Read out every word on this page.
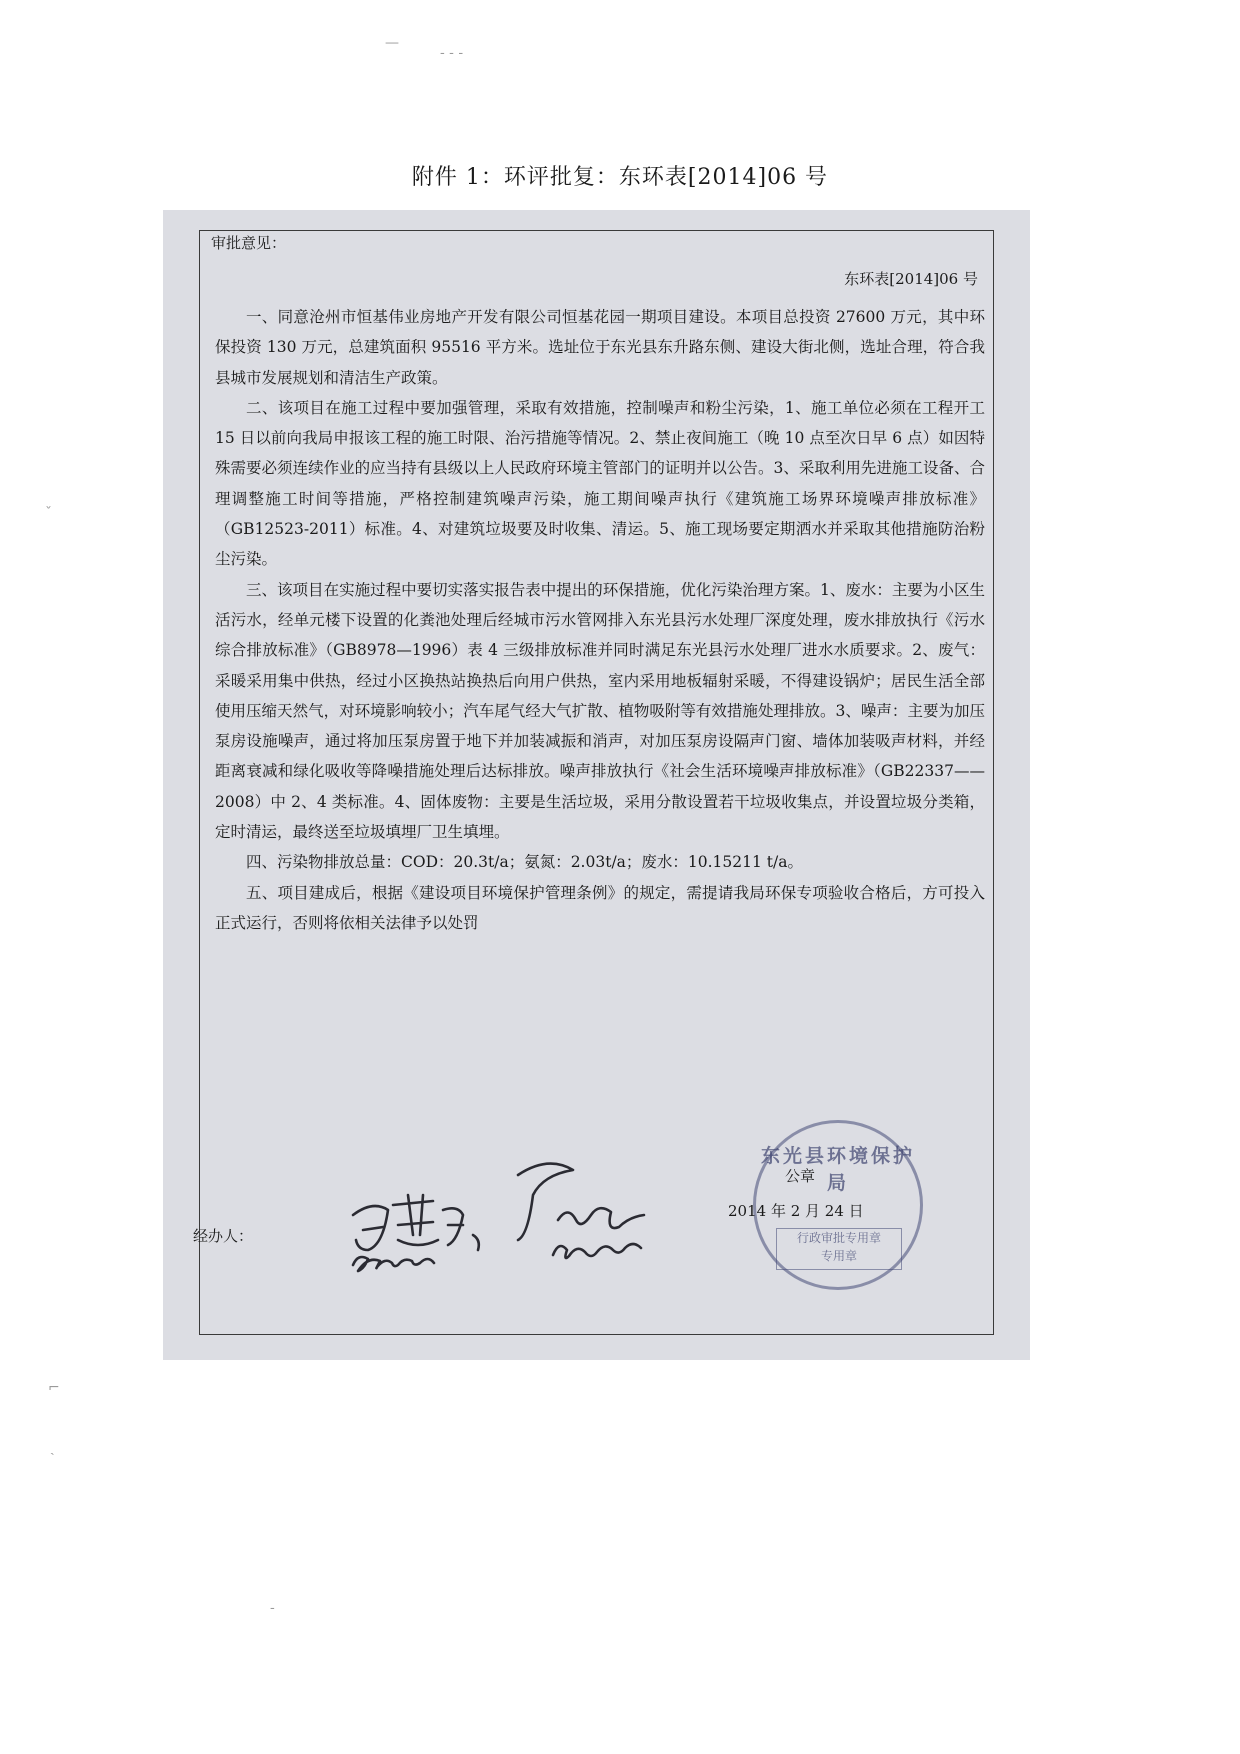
附件 1：环评批复：东环表[2014]06 号
—
- - -
ˇ
⌐
ˎ
-
审批意见：
东环表[2014]06 号

一、同意沧州市恒基伟业房地产开发有限公司恒基花园一期项目建设。本项目总投资 27600 万元，其中环保投资 130 万元，总建筑面积 95516 平方米。选址位于东光县东升路东侧、建设大街北侧，选址合理，符合我县城市发展规划和清洁生产政策。

二、该项目在施工过程中要加强管理，采取有效措施，控制噪声和粉尘污染，1、施工单位必须在工程开工 15 日以前向我局申报该工程的施工时限、治污措施等情况。2、禁止夜间施工（晚 10 点至次日早 6 点）如因特殊需要必须连续作业的应当持有县级以上人民政府环境主管部门的证明并以公告。3、采取利用先进施工设备、合理调整施工时间等措施，严格控制建筑噪声污染，施工期间噪声执行《建筑施工场界环境噪声排放标准》（GB12523-2011）标准。4、对建筑垃圾要及时收集、清运。5、施工现场要定期洒水并采取其他措施防治粉尘污染。

三、该项目在实施过程中要切实落实报告表中提出的环保措施，优化污染治理方案。1、废水：主要为小区生活污水，经单元楼下设置的化粪池处理后经城市污水管网排入东光县污水处理厂深度处理，废水排放执行《污水综合排放标准》（GB8978—1996）表 4 三级排放标准并同时满足东光县污水处理厂进水水质要求。2、废气：采暖采用集中供热，经过小区换热站换热后向用户供热，室内采用地板辐射采暖，不得建设锅炉；居民生活全部使用压缩天然气，对环境影响较小；汽车尾气经大气扩散、植物吸附等有效措施处理排放。3、噪声：主要为加压泵房设施噪声，通过将加压泵房置于地下并加装减振和消声，对加压泵房设隔声门窗、墙体加装吸声材料，并经距离衰减和绿化吸收等降噪措施处理后达标排放。噪声排放执行《社会生活环境噪声排放标准》（GB22337——2008）中 2、4 类标准。4、固体废物：主要是生活垃圾，采用分散设置若干垃圾收集点，并设置垃圾分类箱，定时清运，最终送至垃圾填埋厂卫生填埋。

四、污染物排放总量：COD：20.3t/a；氨氮：2.03t/a；废水：10.15211 t/a。

五、项目建成后，根据《建设项目环境保护管理条例》的规定，需提请我局环保专项验收合格后，方可投入正式运行，否则将依相关法律予以处罚

东光县环境保护局
行政审批专用章
专用章
公章
2014 年 2 月 24 日
经办人：
